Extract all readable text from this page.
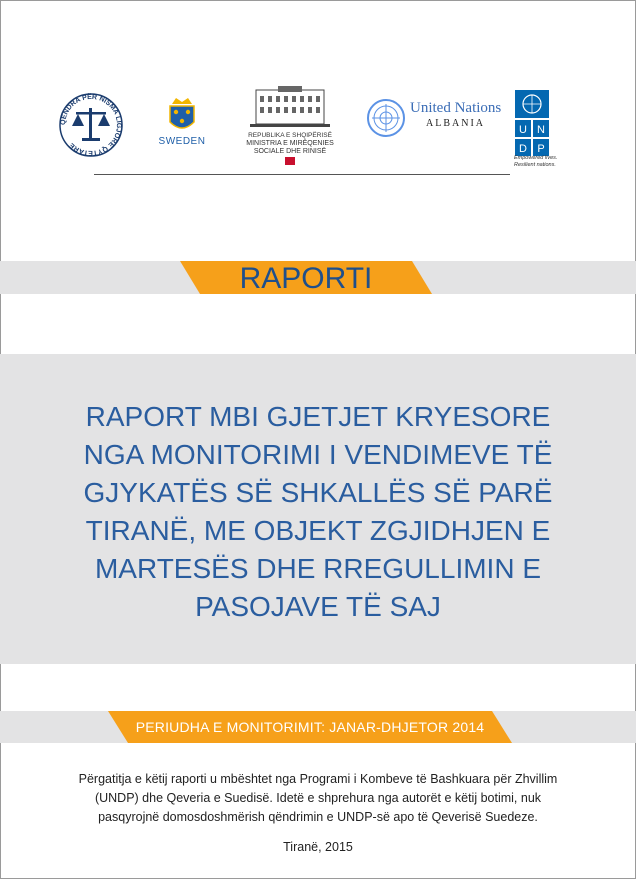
QENDRA PËR NISMA LIGJORE QYTETARE	SWEDEN
REPUBLIKA E SHQIPËRISË
MINISTRIA E MIRËQENIES
SOCIALE DHE RINISË
United Nations
ALBANIA
U N
D P
Empowered lives.
Resilient nations.
RAPORTI
RAPORT MBI GJETJET KRYESORE
NGA MONITORIMI I VENDIMEVE TË
GJYKATËS SË SHKALLËS SË PARË
TIRANË, ME OBJEKT ZGJIDHJEN E
MARTESËS DHE RREGULLIMIN E
PASOJAVE TË SAJ
PERIUDHA E MONITORIMIT: JANAR-DHJETOR 2014
Përgatitja e këtij raporti u mbështet nga Programi i Kombeve të Bashkuara për Zhvillim
(UNDP) dhe Qeveria e Suedisë. Idetë e shprehura nga autorët e këtij botimi, nuk
pasqyrojnë domosdoshmërish qëndrimin e UNDP-së apo të Qeverisë Suedeze.
Tiranë, 2015
